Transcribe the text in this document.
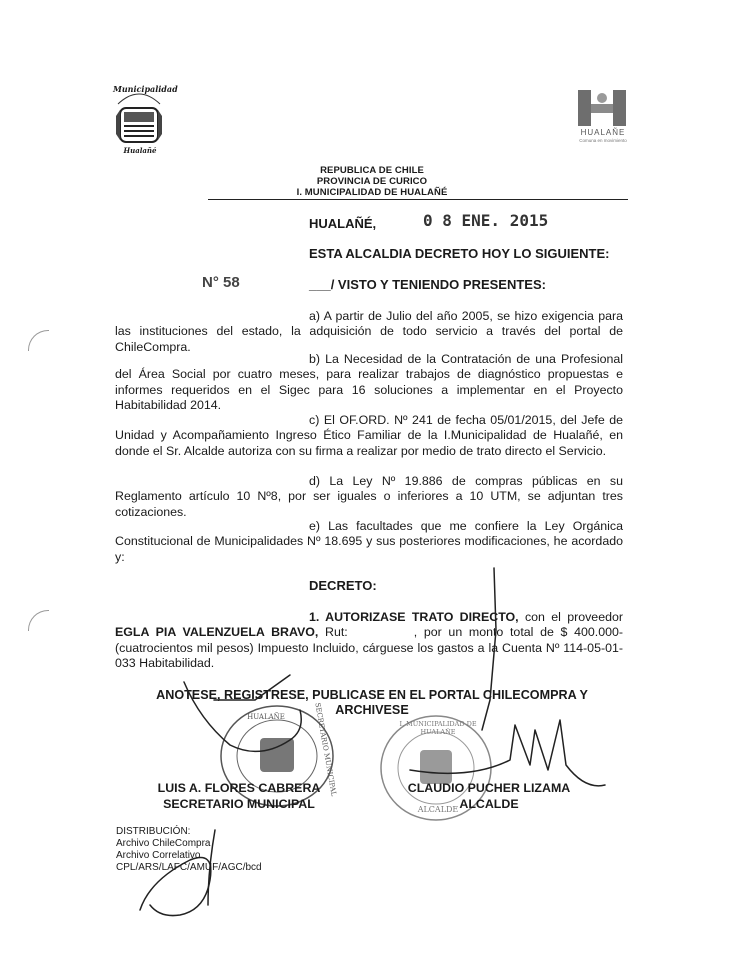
Municipalidad
Hualañé
HUALAÑE
Comuna en movimiento
REPUBLICA DE CHILE
PROVINCIA DE CURICO
I. MUNICIPALIDAD DE HUALAÑÉ
HUALAÑÉ,	0 8 ENE. 2015
ESTA ALCALDIA DECRETO HOY LO SIGUIENTE:
N° 58	___/ VISTO Y TENIENDO PRESENTES:
a) A partir de Julio del año 2005, se hizo exigencia para las instituciones del estado, la adquisición de todo servicio a través del portal de ChileCompra.
b) La Necesidad de la Contratación de una Profesional del Área Social por cuatro meses, para realizar trabajos de diagnóstico propuestas e informes requeridos en el Sigec para 16 soluciones a implementar en el Proyecto Habitabilidad 2014.
c) El OF.ORD. Nº 241 de fecha 05/01/2015, del Jefe de Unidad y Acompañamiento Ingreso Ético Familiar de la I.Municipalidad de Hualañé, en donde el Sr. Alcalde autoriza con su firma a realizar por medio de trato directo el Servicio.
d) La Ley Nº 19.886 de compras públicas en su Reglamento artículo 10 Nº8, por ser iguales o inferiores a 10 UTM, se adjuntan tres cotizaciones.
e) Las facultades que me confiere la Ley Orgánica Constitucional de Municipalidades Nº 18.695 y sus posteriores modificaciones, he acordado y:
DECRETO:
1. AUTORIZASE TRATO DIRECTO, con el proveedor EGLA PIA VALENZUELA BRAVO, Rut:	, por un monto total de $ 400.000- (cuatrocientos mil pesos) Impuesto Incluido, cárguese los gastos a la Cuenta Nº 114-05-01-033 Habitabilidad.
ANOTESE, REGISTRESE, PUBLICASE EN EL PORTAL CHILECOMPRA Y
ARCHIVESE
HUALAÑE	SECRETARIO MUNICIPAL	I. MUNICIPALIDAD DE HUALAÑE
ALCALDE
LUIS A. FLORES CABRERA
SECRETARIO MUNICIPAL
CLAUDIO PUCHER LIZAMA
ALCALDE
DISTRIBUCIÓN:
Archivo ChileCompra
Archivo Correlativo
CPL/ARS/LAFC/AMUF/AGC/bcd
